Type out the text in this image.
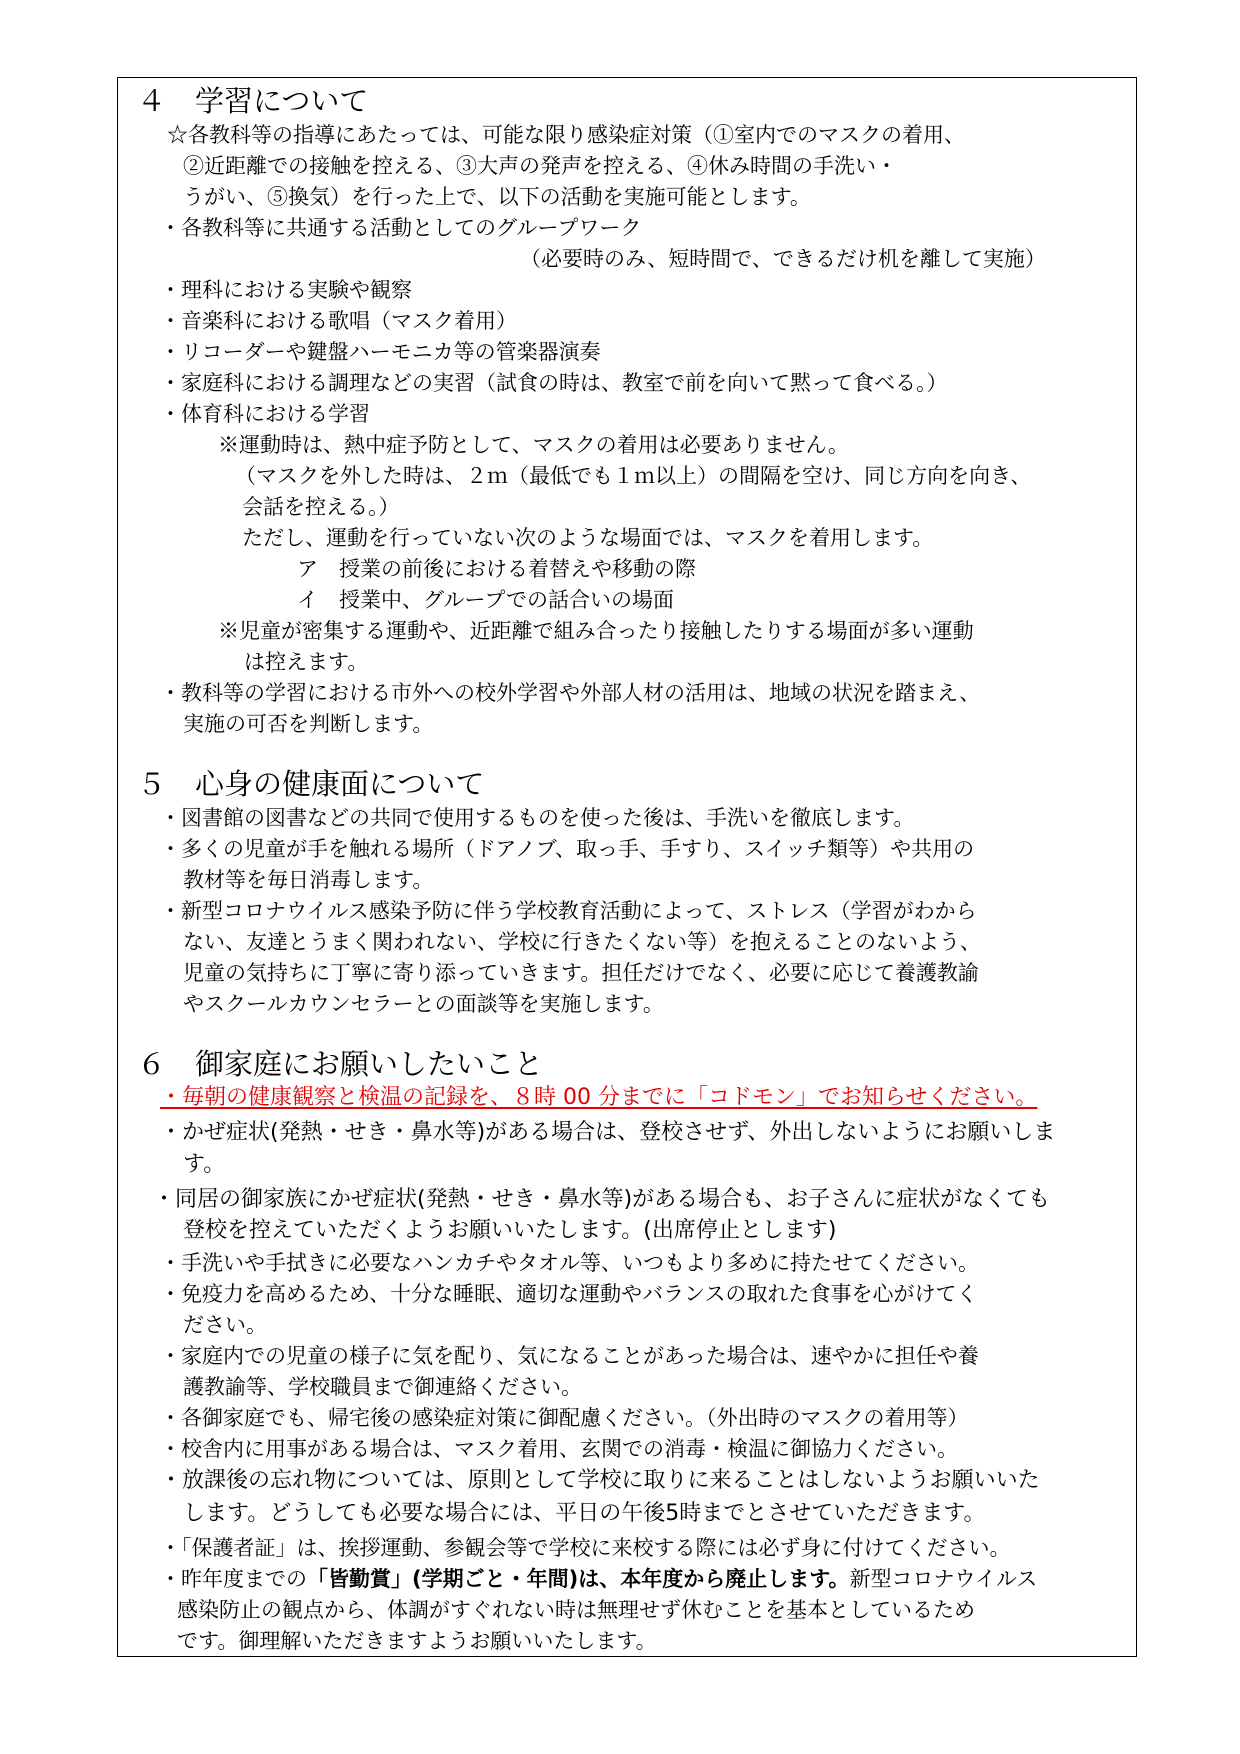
４　学習について
☆各教科等の指導にあたっては、可能な限り感染症対策（①室内でのマスクの着用、
②近距離での接触を控える、③大声の発声を控える、④休み時間の手洗い・
うがい、⑤換気）を行った上で、以下の活動を実施可能とします。
・各教科等に共通する活動としてのグループワーク
（必要時のみ、短時間で、できるだけ机を離して実施）
・理科における実験や観察
・音楽科における歌唱（マスク着用）
・リコーダーや鍵盤ハーモニカ等の管楽器演奏
・家庭科における調理などの実習（試食の時は、教室で前を向いて黙って食べる。）
・体育科における学習
※運動時は、熱中症予防として、マスクの着用は必要ありません。
（マスクを外した時は、２ｍ（最低でも１ｍ以上）の間隔を空け、同じ方向を向き、
会話を控える。）
ただし、運動を行っていない次のような場面では、マスクを着用します。
ア　授業の前後における着替えや移動の際
イ　授業中、グループでの話合いの場面
※児童が密集する運動や、近距離で組み合ったり接触したりする場面が多い運動
は控えます。
・教科等の学習における市外への校外学習や外部人材の活用は、地域の状況を踏まえ、
実施の可否を判断します。
５　心身の健康面について
・図書館の図書などの共同で使用するものを使った後は、手洗いを徹底します。
・多くの児童が手を触れる場所（ドアノブ、取っ手、手すり、スイッチ類等）や共用の
教材等を毎日消毒します。
・新型コロナウイルス感染予防に伴う学校教育活動によって、ストレス（学習がわから
ない、友達とうまく関われない、学校に行きたくない等）を抱えることのないよう、
児童の気持ちに丁寧に寄り添っていきます。担任だけでなく、必要に応じて養護教諭
やスクールカウンセラーとの面談等を実施します。
６　御家庭にお願いしたいこと
・毎朝の健康観察と検温の記録を、８時 00 分までに「コドモン」でお知らせください。
・かぜ症状(発熱・せき・鼻水等)がある場合は、登校させず、外出しないようにお願いしま
す。
・同居の御家族にかぜ症状(発熱・せき・鼻水等)がある場合も、お子さんに症状がなくても
登校を控えていただくようお願いいたします。(出席停止とします)
・手洗いや手拭きに必要なハンカチやタオル等、いつもより多めに持たせてください。
・免疫力を高めるため、十分な睡眠、適切な運動やバランスの取れた食事を心がけてく
ださい。
・家庭内での児童の様子に気を配り、気になることがあった場合は、速やかに担任や養
護教諭等、学校職員まで御連絡ください。
・各御家庭でも、帰宅後の感染症対策に御配慮ください。（外出時のマスクの着用等）
・校舎内に用事がある場合は、マスク着用、玄関での消毒・検温に御協力ください。
・放課後の忘れ物については、原則として学校に取りに来ることはしないようお願いいた
します。どうしても必要な場合には、平日の午後5時までとさせていただきます。
・「保護者証」は、挨拶運動、参観会等で学校に来校する際には必ず身に付けてください。
・昨年度までの「皆勤賞」(学期ごと・年間)は、本年度から廃止します。新型コロナウイルス
感染防止の観点から、体調がすぐれない時は無理せず休むことを基本としているため
です。御理解いただきますようお願いいたします。
